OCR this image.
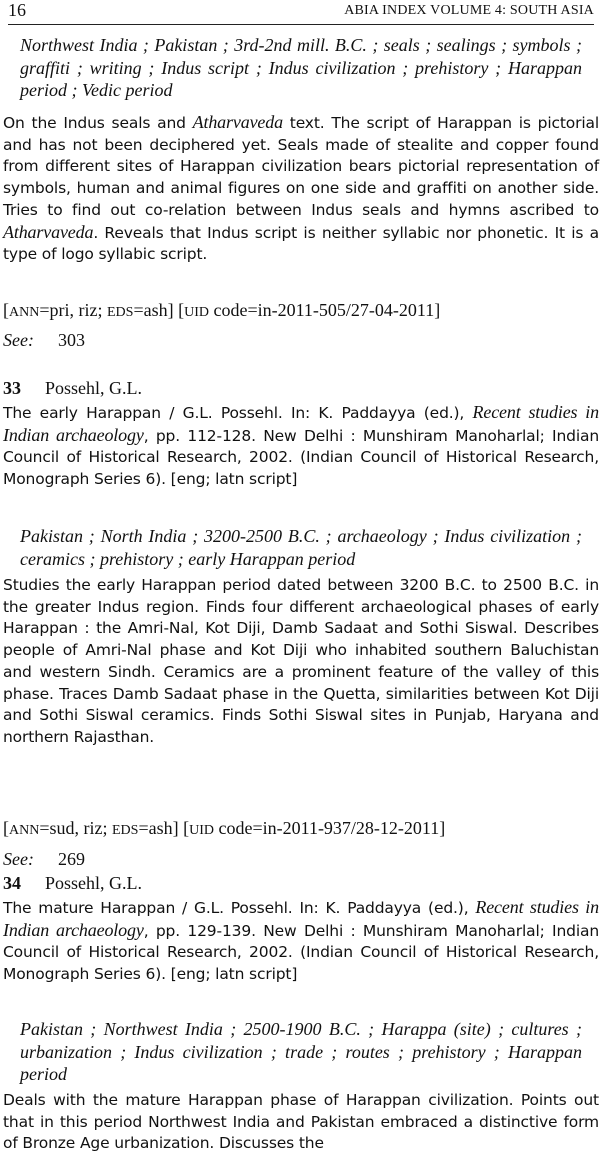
16	ABIA INDEX VOLUME 4: SOUTH ASIA
Northwest India ; Pakistan ; 3rd-2nd mill. B.C. ; seals ; sealings ; symbols ; graffiti ; writing ; Indus script ; Indus civilization ; prehistory ; Harappan period ; Vedic period
On the Indus seals and Atharvaveda text. The script of Harappan is pictorial and has not been deciphered yet. Seals made of stealite and copper found from different sites of Harappan civilization bears pictorial representation of symbols, human and animal figures on one side and graffiti on another side. Tries to find out co-relation between Indus seals and hymns ascribed to Atharvaveda. Reveals that Indus script is neither syllabic nor phonetic. It is a type of logo syllabic script.
[ANN=pri, riz; EDS=ash] [UID code=in-2011-505/27-04-2011]
See: 303
33 Possehl, G.L.
The early Harappan / G.L. Possehl. In: K. Paddayya (ed.), Recent studies in Indian archaeology, pp. 112-128. New Delhi : Munshiram Manoharlal; Indian Council of Historical Research, 2002. (Indian Council of Historical Research, Monograph Series 6). [eng; latn script]
Pakistan ; North India ; 3200-2500 B.C. ; archaeology ; Indus civilization ; ceramics ; prehistory ; early Harappan period
Studies the early Harappan period dated between 3200 B.C. to 2500 B.C. in the greater Indus region. Finds four different archaeological phases of early Harappan : the Amri-Nal, Kot Diji, Damb Sadaat and Sothi Siswal. Describes people of Amri-Nal phase and Kot Diji who inhabited southern Baluchistan and western Sindh. Ceramics are a prominent feature of the valley of this phase. Traces Damb Sadaat phase in the Quetta, similarities between Kot Diji and Sothi Siswal ceramics. Finds Sothi Siswal sites in Punjab, Haryana and northern Rajasthan.
[ANN=sud, riz; EDS=ash] [UID code=in-2011-937/28-12-2011]
See: 269
34 Possehl, G.L.
The mature Harappan / G.L. Possehl. In: K. Paddayya (ed.), Recent studies in Indian archaeology, pp. 129-139. New Delhi : Munshiram Manoharlal; Indian Council of Historical Research, 2002. (Indian Council of Historical Research, Monograph Series 6). [eng; latn script]
Pakistan ; Northwest India ; 2500-1900 B.C. ; Harappa (site) ; cultures ; urbanization ; Indus civilization ; trade ; routes ; prehistory ; Harappan period
Deals with the mature Harappan phase of Harappan civilization. Points out that in this period Northwest India and Pakistan embraced a distinctive form of Bronze Age urbanization. Discusses the
